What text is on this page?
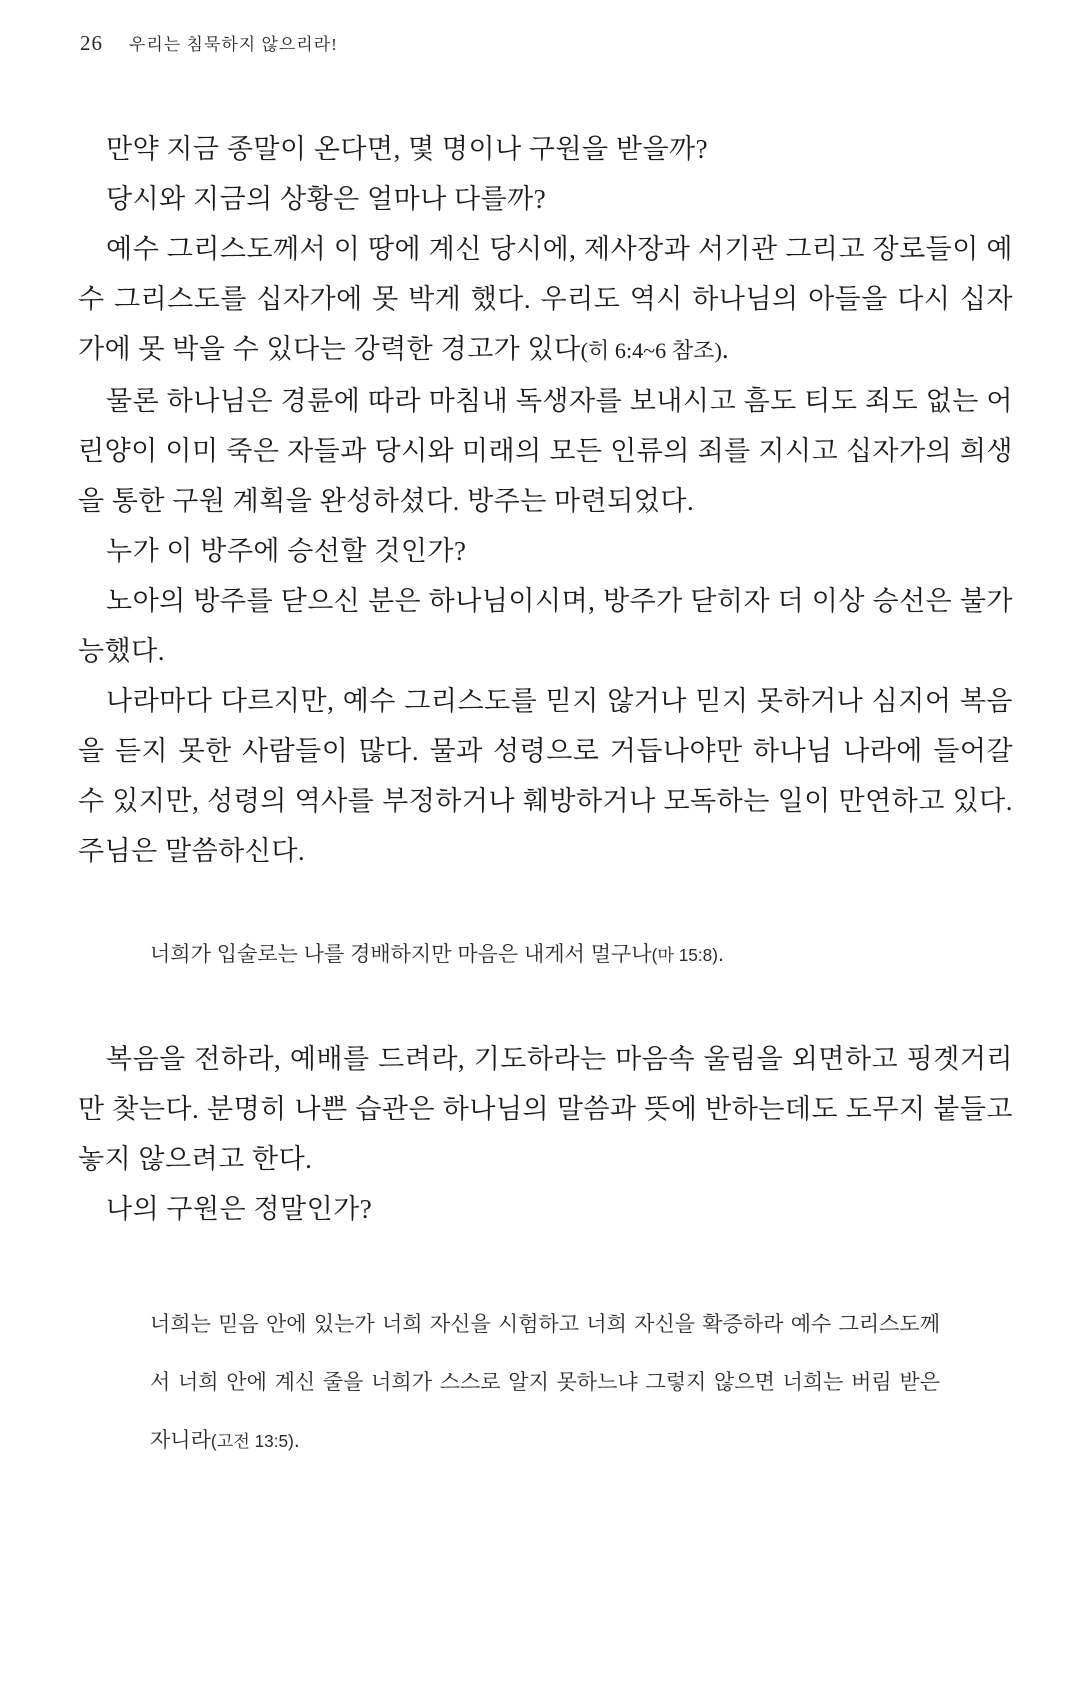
26 우리는 침묵하지 않으리라!

만약 지금 종말이 온다면, 몇 명이나 구원을 받을까?

당시와 지금의 상황은 얼마나 다를까?

예수 그리스도께서 이 땅에 계신 당시에, 제사장과 서기관 그리고 장로들이 예수 그리스도를 십자가에 못 박게 했다. 우리도 역시 하나님의 아들을 다시 십자가에 못 박을 수 있다는 강력한 경고가 있다(히 6:4~6 참조).

물론 하나님은 경륜에 따라 마침내 독생자를 보내시고 흠도 티도 죄도 없는 어린양이 이미 죽은 자들과 당시와 미래의 모든 인류의 죄를 지시고 십자가의 희생을 통한 구원 계획을 완성하셨다. 방주는 마련되었다.

누가 이 방주에 승선할 것인가?

노아의 방주를 닫으신 분은 하나님이시며, 방주가 닫히자 더 이상 승선은 불가능했다.

나라마다 다르지만, 예수 그리스도를 믿지 않거나 믿지 못하거나 심지어 복음을 듣지 못한 사람들이 많다. 물과 성령으로 거듭나야만 하나님 나라에 들어갈 수 있지만, 성령의 역사를 부정하거나 훼방하거나 모독하는 일이 만연하고 있다. 주님은 말씀하신다.

너희가 입술로는 나를 경배하지만 마음은 내게서 멀구나(마 15:8).

복음을 전하라, 예배를 드려라, 기도하라는 마음속 울림을 외면하고 핑곗거리만 찾는다. 분명히 나쁜 습관은 하나님의 말씀과 뜻에 반하는데도 도무지 붙들고 놓지 않으려고 한다.

나의 구원은 정말인가?

너희는 믿음 안에 있는가 너희 자신을 시험하고 너희 자신을 확증하라 예수 그리스도께서 너희 안에 계신 줄을 너희가 스스로 알지 못하느냐 그렇지 않으면 너희는 버림 받은 자니라(고전 13:5).
